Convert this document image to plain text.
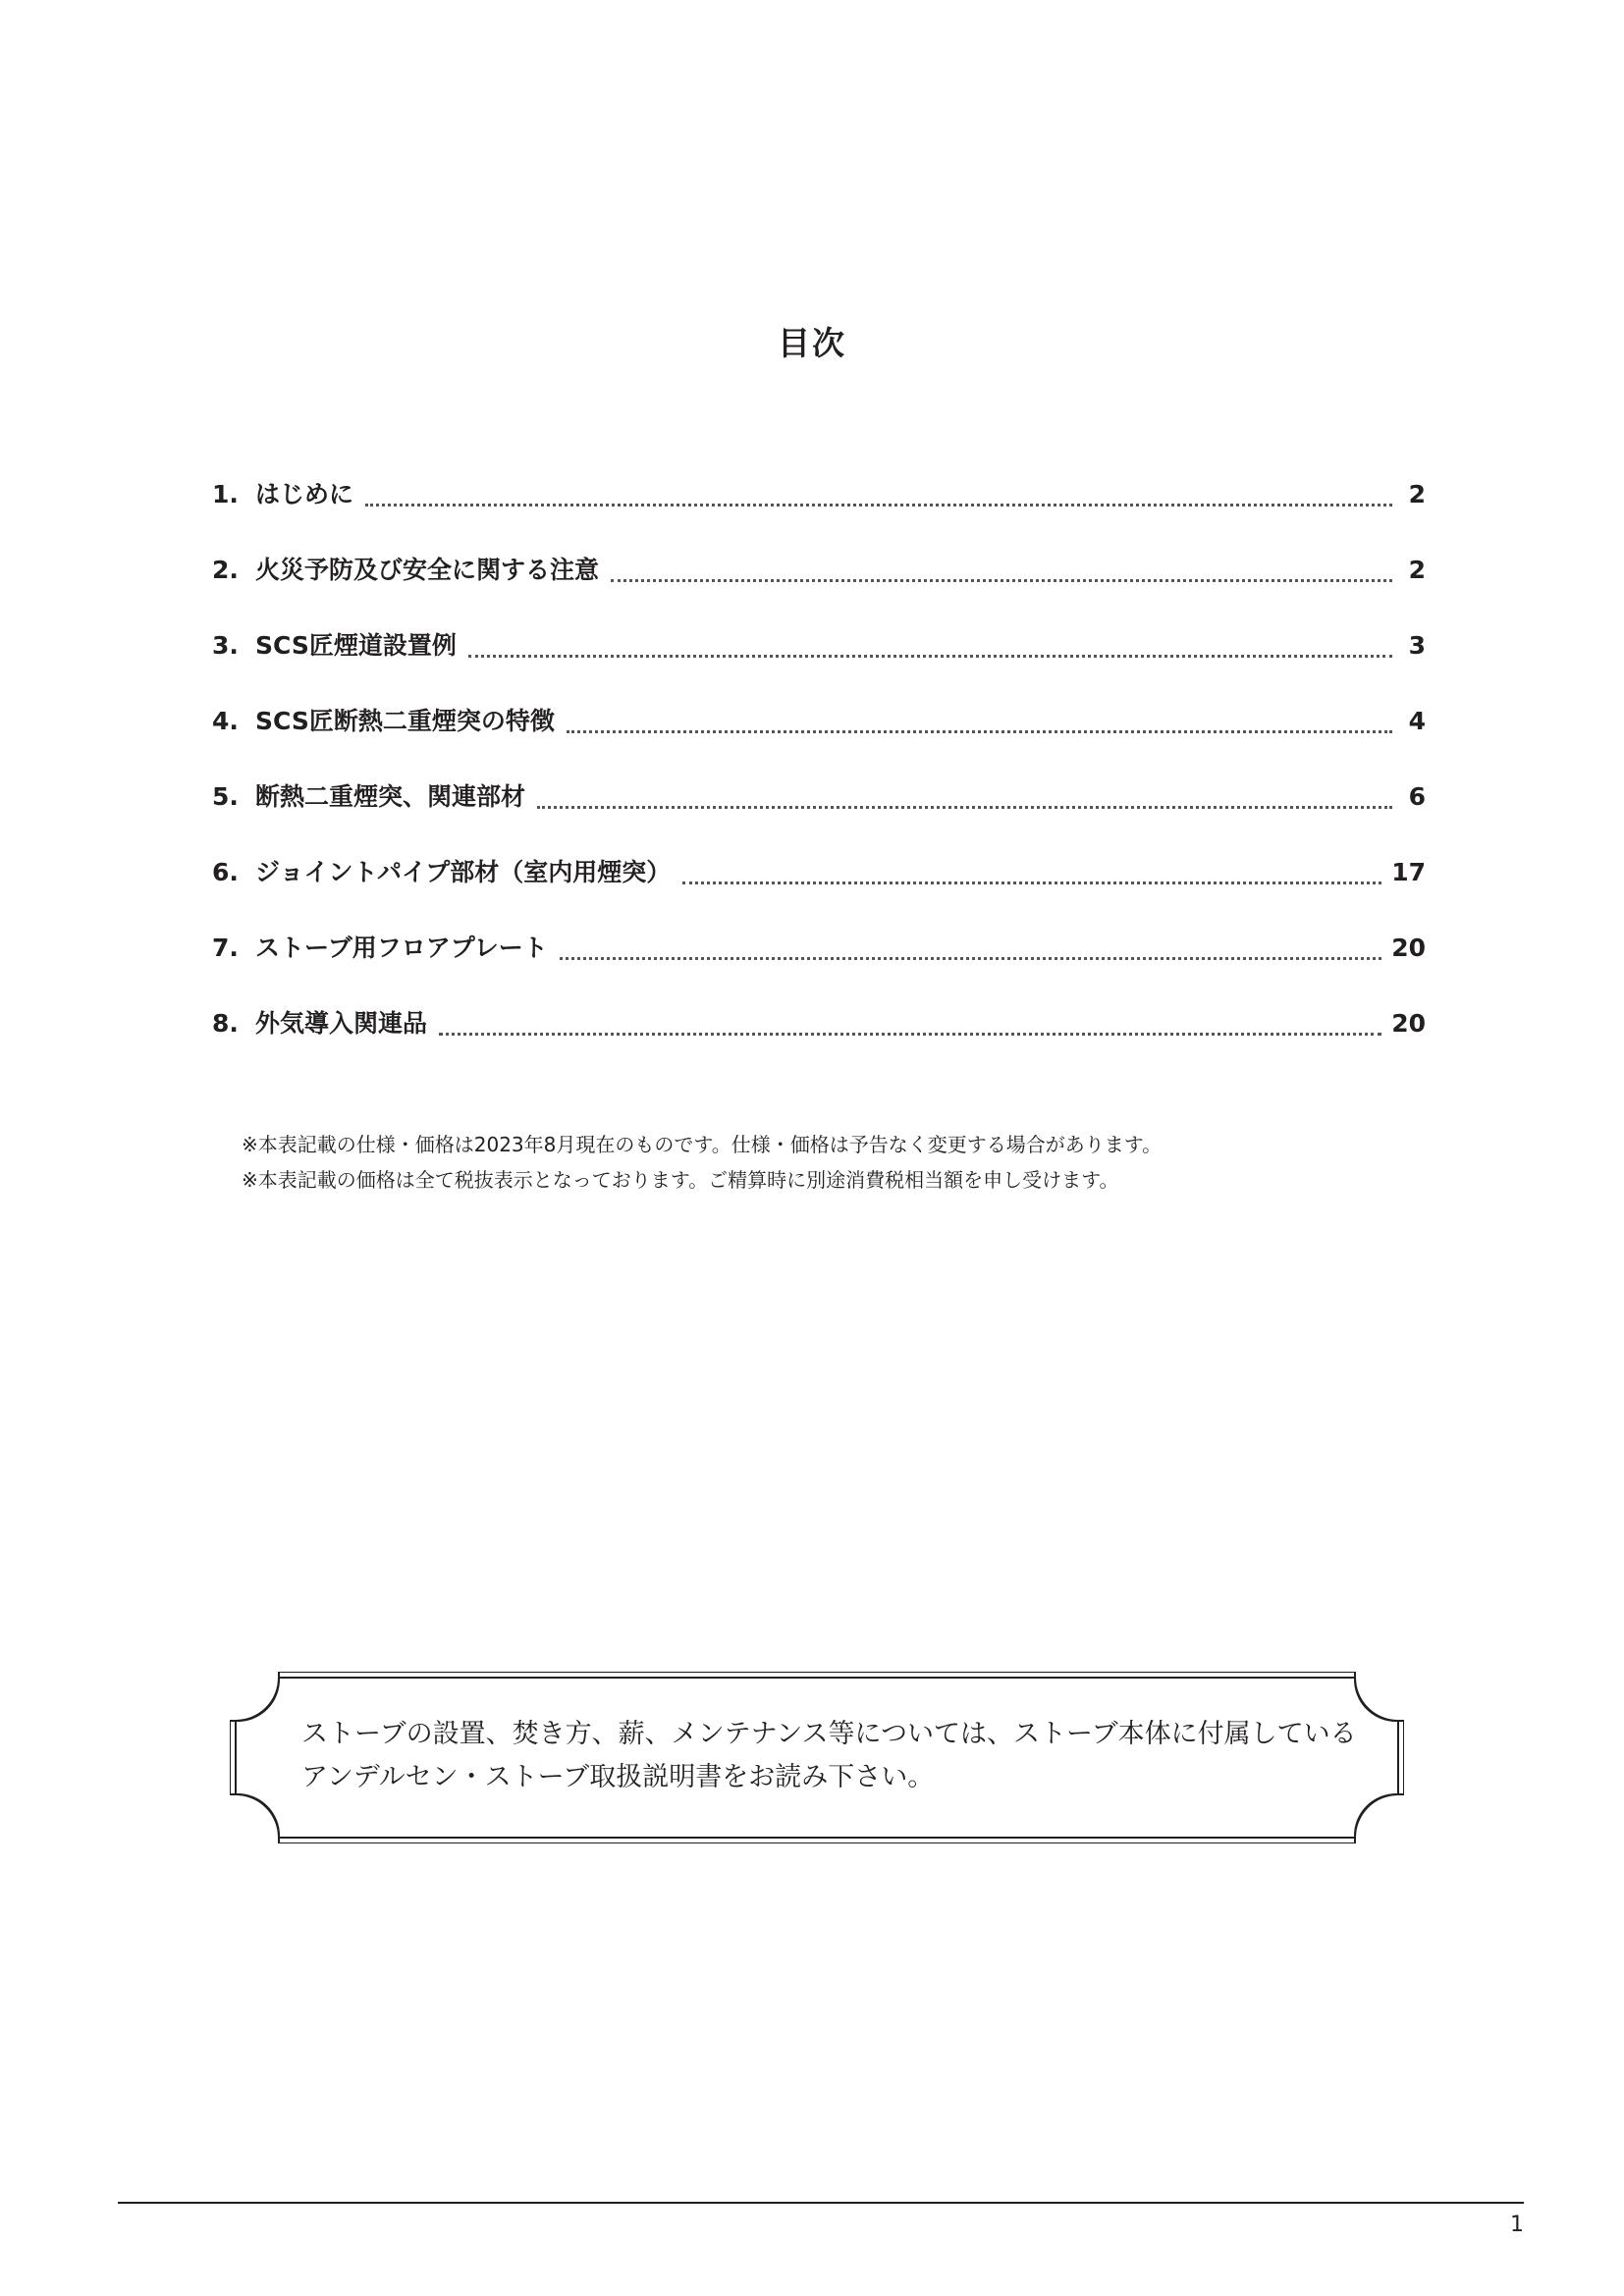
目次
1. はじめに	2
2. 火災予防及び安全に関する注意	2
3. SCS匠煙道設置例	3
4. SCS匠断熱二重煙突の特徴	4
5. 断熱二重煙突、関連部材	6
6. ジョイントパイプ部材（室内用煙突）	17
7. ストーブ用フロアプレート	20
8. 外気導入関連品	20

※本表記載の仕様・価格は2023年8月現在のものです。仕様・価格は予告なく変更する場合があります。

※本表記載の価格は全て税抜表示となっております。ご精算時に別途消費税相当額を申し受けます。

ストーブの設置、焚き方、薪、メンテナンス等については、ストーブ本体に付属している

アンデルセン・ストーブ取扱説明書をお読み下さい。

1
